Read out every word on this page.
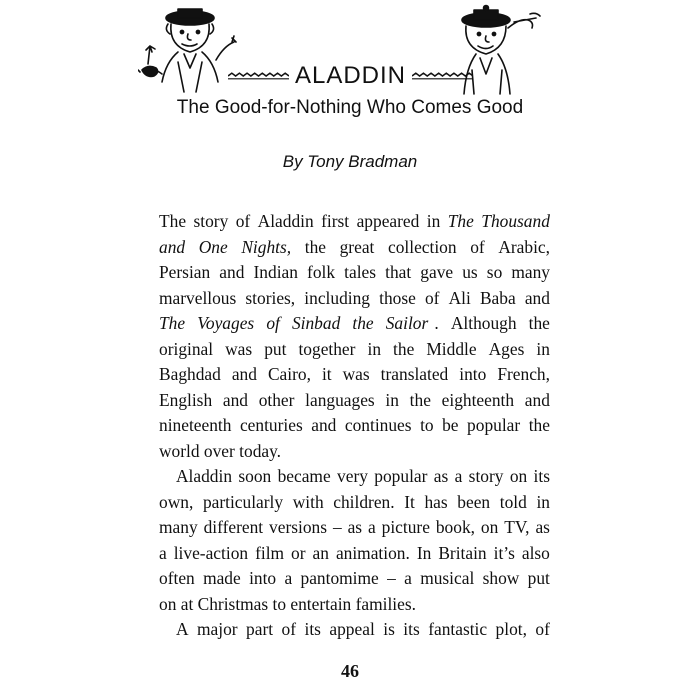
ALADDIN
The Good-for-Nothing Who Comes Good
By Tony Bradman
The story of Aladdin first appeared in The Thousand
and One Nights, the great collection of Arabic,
Persian and Indian folk tales that gave us so many
marvellous stories, including those of Ali Baba and
The Voyages of Sinbad the Sailor . Although the
original was put together in the Middle Ages in
Baghdad and Cairo, it was translated into French,
English and other languages in the eighteenth and
nineteenth centuries and continues to be popular the
world over today.
Aladdin soon became very popular as a story on its
own, particularly with children. It has been told in
many different versions – as a picture book, on TV, as
a live-action film or an animation. In Britain it’s also
often made into a pantomime – a musical show put
on at Christmas to entertain families.
A major part of its appeal is its fantastic plot, of
46
